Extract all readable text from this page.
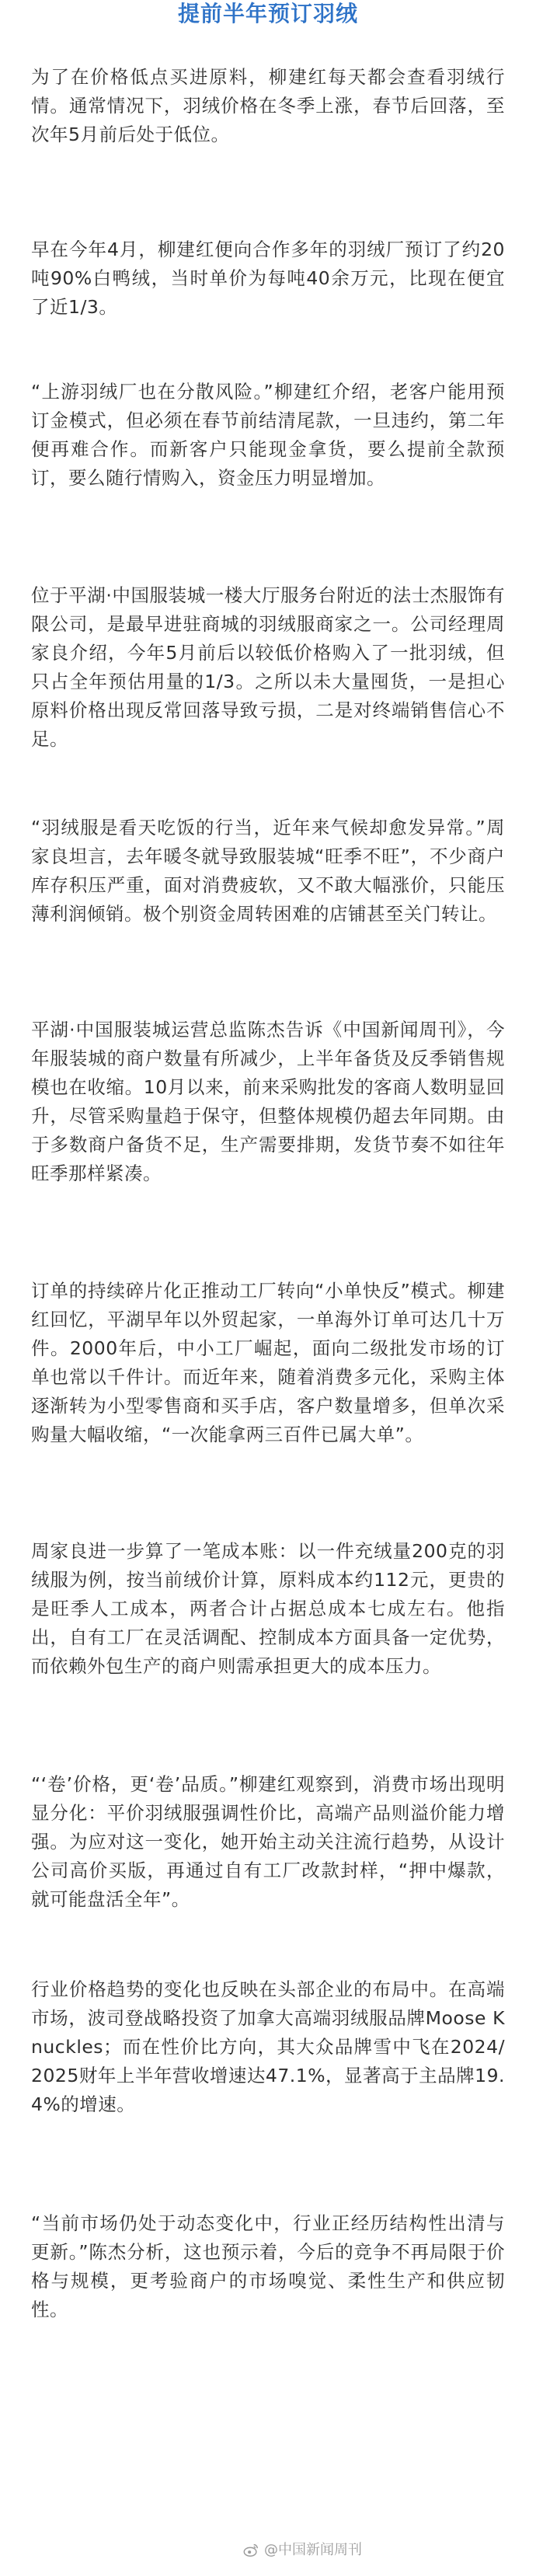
提前半年预订羽绒

为了在价格低点买进原料，柳建红每天都会查看羽绒行情。通常情况下，羽绒价格在冬季上涨，春节后回落，至次年5月前后处于低位。

早在今年4月，柳建红便向合作多年的羽绒厂预订了约20吨90%白鸭绒，当时单价为每吨40余万元，比现在便宜了近1/3。

“上游羽绒厂也在分散风险。”柳建红介绍，老客户能用预订金模式，但必须在春节前结清尾款，一旦违约，第二年便再难合作。而新客户只能现金拿货，要么提前全款预订，要么随行情购入，资金压力明显增加。

位于平湖·中国服装城一楼大厅服务台附近的法士杰服饰有限公司，是最早进驻商城的羽绒服商家之一。公司经理周家良介绍，今年5月前后以较低价格购入了一批羽绒，但只占全年预估用量的1/3。之所以未大量囤货，一是担心原料价格出现反常回落导致亏损，二是对终端销售信心不足。

“羽绒服是看天吃饭的行当，近年来气候却愈发异常。”周家良坦言，去年暖冬就导致服装城“旺季不旺”，不少商户库存积压严重，面对消费疲软，又不敢大幅涨价，只能压薄利润倾销。极个别资金周转困难的店铺甚至关门转让。

平湖·中国服装城运营总监陈杰告诉《中国新闻周刊》，今年服装城的商户数量有所减少，上半年备货及反季销售规模也在收缩。10月以来，前来采购批发的客商人数明显回升，尽管采购量趋于保守，但整体规模仍超去年同期。由于多数商户备货不足，生产需要排期，发货节奏不如往年旺季那样紧凑。

订单的持续碎片化正推动工厂转向“小单快反”模式。柳建红回忆，平湖早年以外贸起家，一单海外订单可达几十万件。2000年后，中小工厂崛起，面向二级批发市场的订单也常以千件计。而近年来，随着消费多元化，采购主体逐渐转为小型零售商和买手店，客户数量增多，但单次采购量大幅收缩，“一次能拿两三百件已属大单”。

周家良进一步算了一笔成本账：以一件充绒量200克的羽绒服为例，按当前绒价计算，原料成本约112元，更贵的是旺季人工成本，两者合计占据总成本七成左右。他指出，自有工厂在灵活调配、控制成本方面具备一定优势，而依赖外包生产的商户则需承担更大的成本压力。

“‘卷’价格，更‘卷’品质。”柳建红观察到，消费市场出现明显分化：平价羽绒服强调性价比，高端产品则溢价能力增强。为应对这一变化，她开始主动关注流行趋势，从设计公司高价买版，再通过自有工厂改款封样，“押中爆款，就可能盘活全年”。

行业价格趋势的变化也反映在头部企业的布局中。在高端市场，波司登战略投资了加拿大高端羽绒服品牌Moose Knuckles；而在性价比方向，其大众品牌雪中飞在2024/2025财年上半年营收增速达47.1%，显著高于主品牌19.4%的增速。

“当前市场仍处于动态变化中，行业正经历结构性出清与更新。”陈杰分析，这也预示着，今后的竞争不再局限于价格与规模，更考验商户的市场嗅觉、柔性生产和供应韧性。

@中国新闻周刊
